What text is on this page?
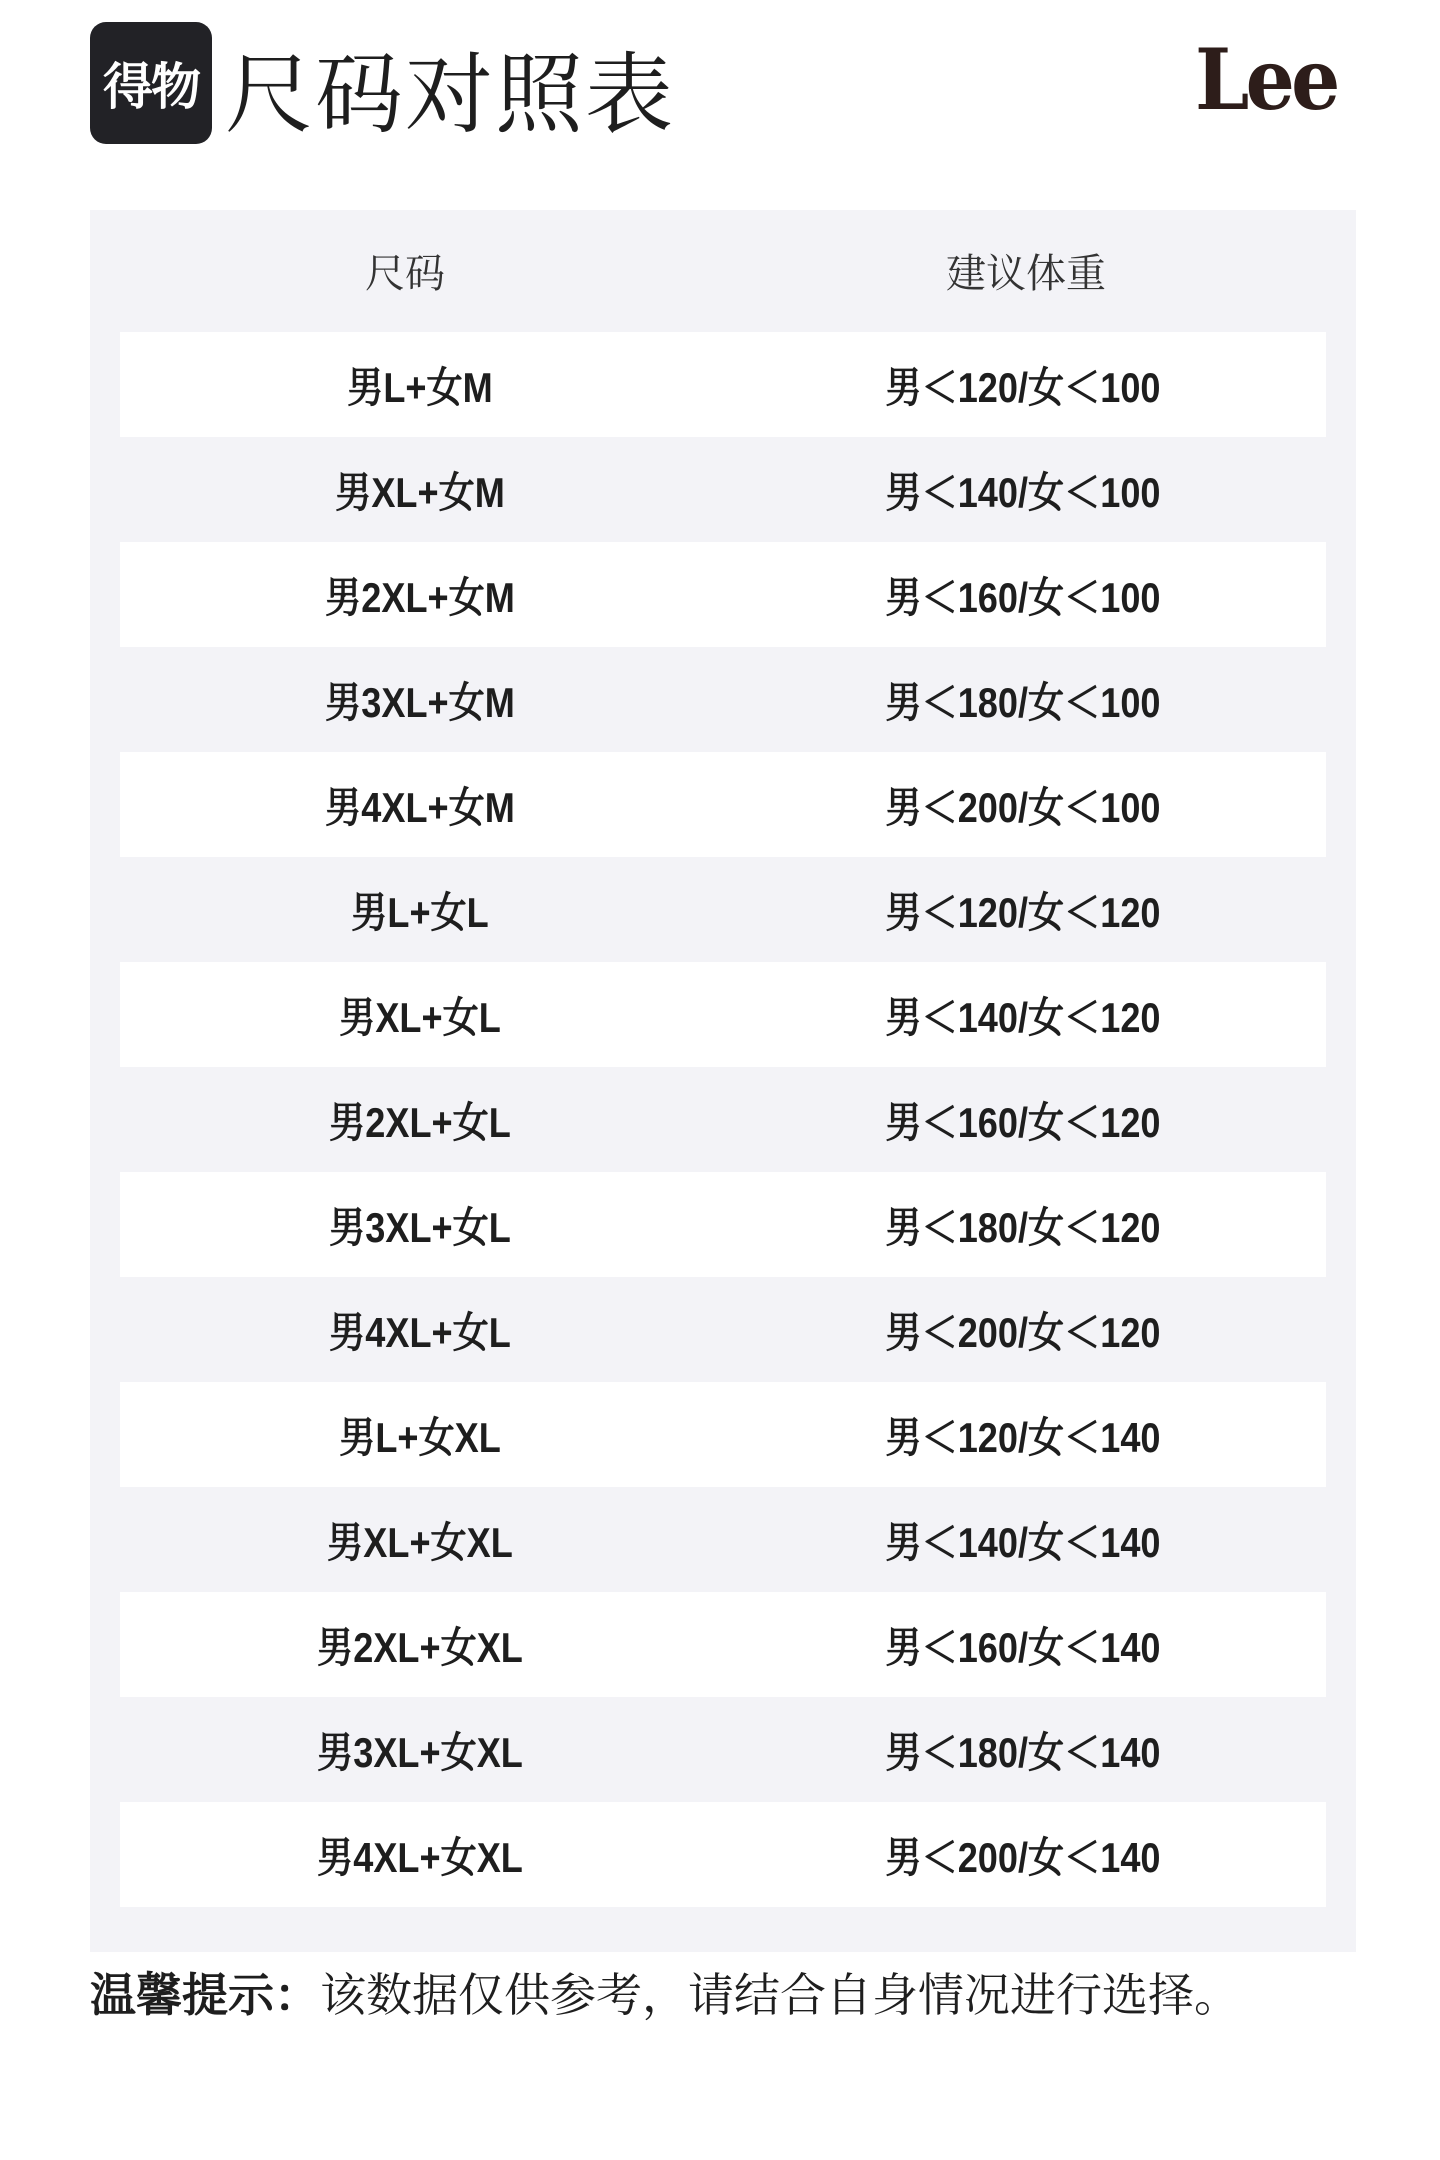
得物 尺码对照表	Lee
尺码	建议体重
男L+女M	男＜120/女＜100
男XL+女M	男＜140/女＜100
男2XL+女M	男＜160/女＜100
男3XL+女M	男＜180/女＜100
男4XL+女M	男＜200/女＜100
男L+女L	男＜120/女＜120
男XL+女L	男＜140/女＜120
男2XL+女L	男＜160/女＜120
男3XL+女L	男＜180/女＜120
男4XL+女L	男＜200/女＜120
男L+女XL	男＜120/女＜140
男XL+女XL	男＜140/女＜140
男2XL+女XL	男＜160/女＜140
男3XL+女XL	男＜180/女＜140
男4XL+女XL	男＜200/女＜140
温馨提示：该数据仅供参考，请结合自身情况进行选择。
